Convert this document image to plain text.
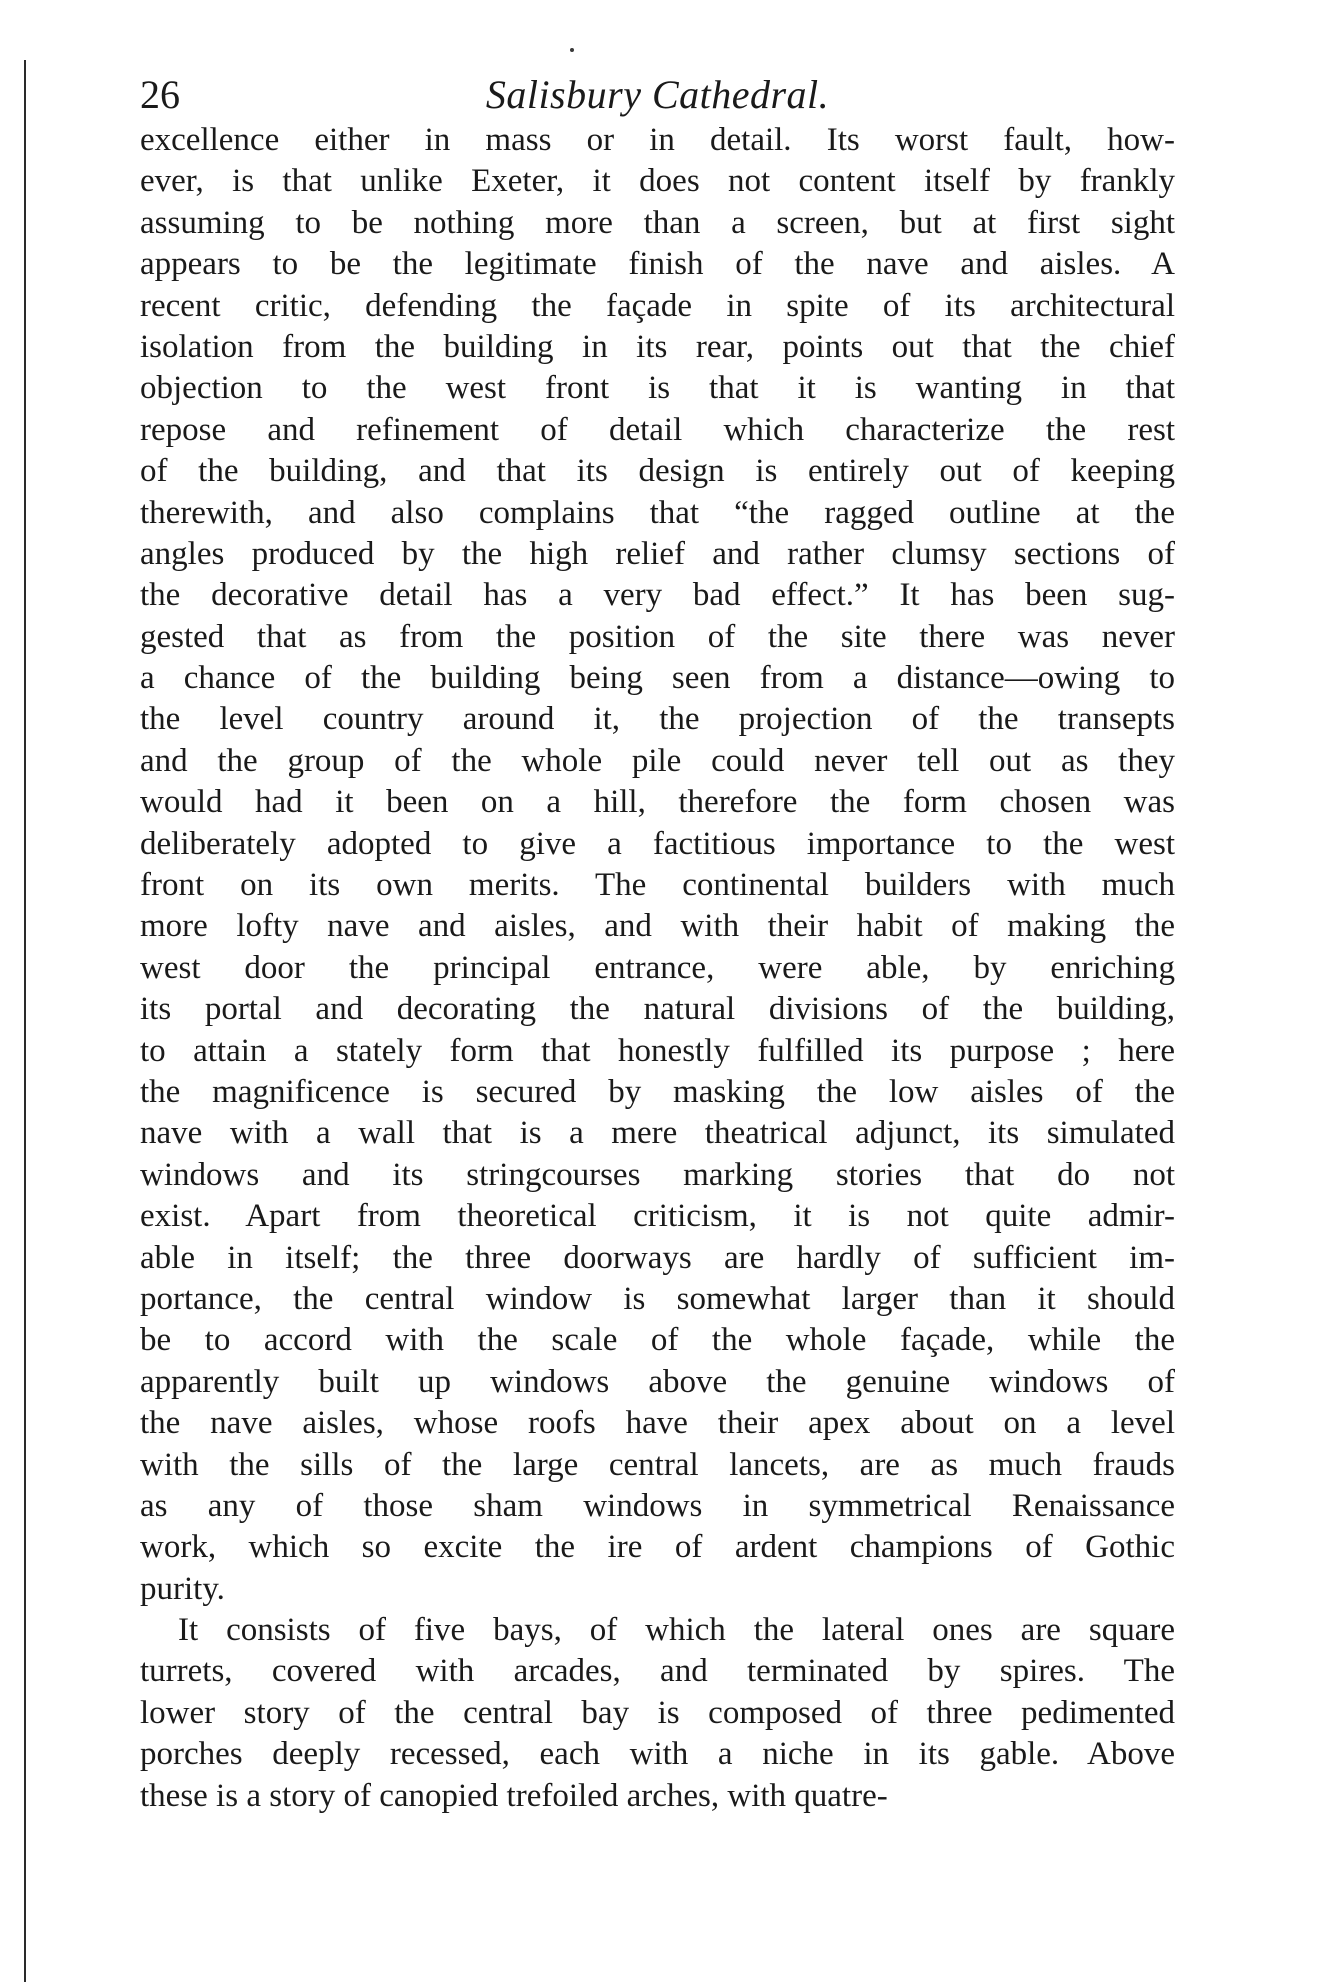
26	Salisbury Cathedral.
excellence either in mass or in detail. Its worst fault, how-
ever, is that unlike Exeter, it does not content itself by frankly
assuming to be nothing more than a screen, but at first sight
appears to be the legitimate finish of the nave and aisles. A
recent critic, defending the façade in spite of its architectural
isolation from the building in its rear, points out that the chief
objection to the west front is that it is wanting in that
repose and refinement of detail which characterize the rest
of the building, and that its design is entirely out of keeping
therewith, and also complains that “the ragged outline at the
angles produced by the high relief and rather clumsy sections of
the decorative detail has a very bad effect.” It has been sug-
gested that as from the position of the site there was never
a chance of the building being seen from a distance—owing to
the level country around it, the projection of the transepts
and the group of the whole pile could never tell out as they
would had it been on a hill, therefore the form chosen was
deliberately adopted to give a factitious importance to the west
front on its own merits. The continental builders with much
more lofty nave and aisles, and with their habit of making the
west door the principal entrance, were able, by enriching
its portal and decorating the natural divisions of the building,
to attain a stately form that honestly fulfilled its purpose ; here
the magnificence is secured by masking the low aisles of the
nave with a wall that is a mere theatrical adjunct, its simulated
windows and its stringcourses marking stories that do not
exist. Apart from theoretical criticism, it is not quite admir-
able in itself; the three doorways are hardly of sufficient im-
portance, the central window is somewhat larger than it should
be to accord with the scale of the whole façade, while the
apparently built up windows above the genuine windows of
the nave aisles, whose roofs have their apex about on a level
with the sills of the large central lancets, are as much frauds
as any of those sham windows in symmetrical Renaissance
work, which so excite the ire of ardent champions of Gothic
purity.
It consists of five bays, of which the lateral ones are square
turrets, covered with arcades, and terminated by spires. The
lower story of the central bay is composed of three pedimented
porches deeply recessed, each with a niche in its gable. Above
these is a story of canopied trefoiled arches, with quatre-
